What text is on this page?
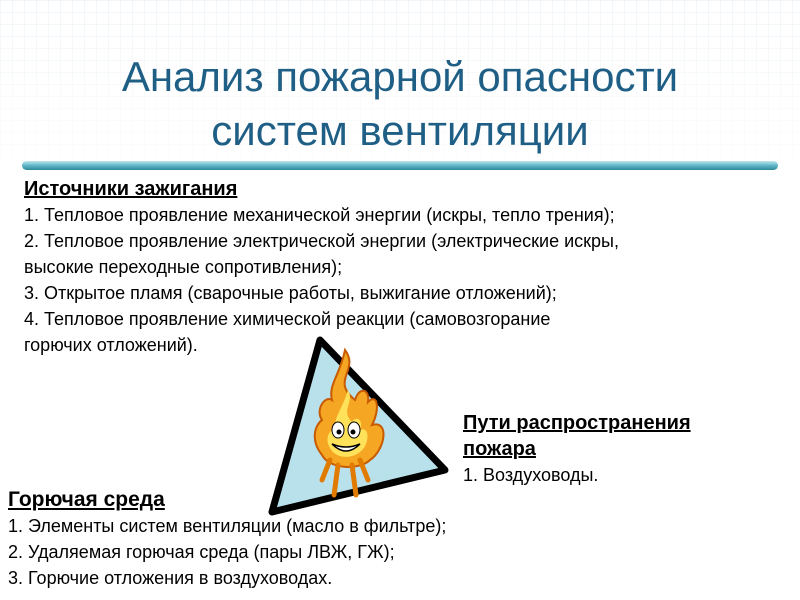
Анализ пожарной опасности
систем вентиляции
Источники зажигания
1. Тепловое проявление механической энергии (искры, тепло трения);
2. Тепловое проявление электрической энергии (электрические искры,
высокие переходные сопротивления);
3. Открытое пламя (сварочные работы, выжигание отложений);
4. Тепловое проявление химической реакции (самовозгорание
горючих отложений).
Пути распространения
пожара
1. Воздуховоды.
Горючая среда
1. Элементы систем вентиляции (масло в фильтре);
2. Удаляемая горючая среда (пары ЛВЖ, ГЖ);
3. Горючие отложения в воздуховодах.
